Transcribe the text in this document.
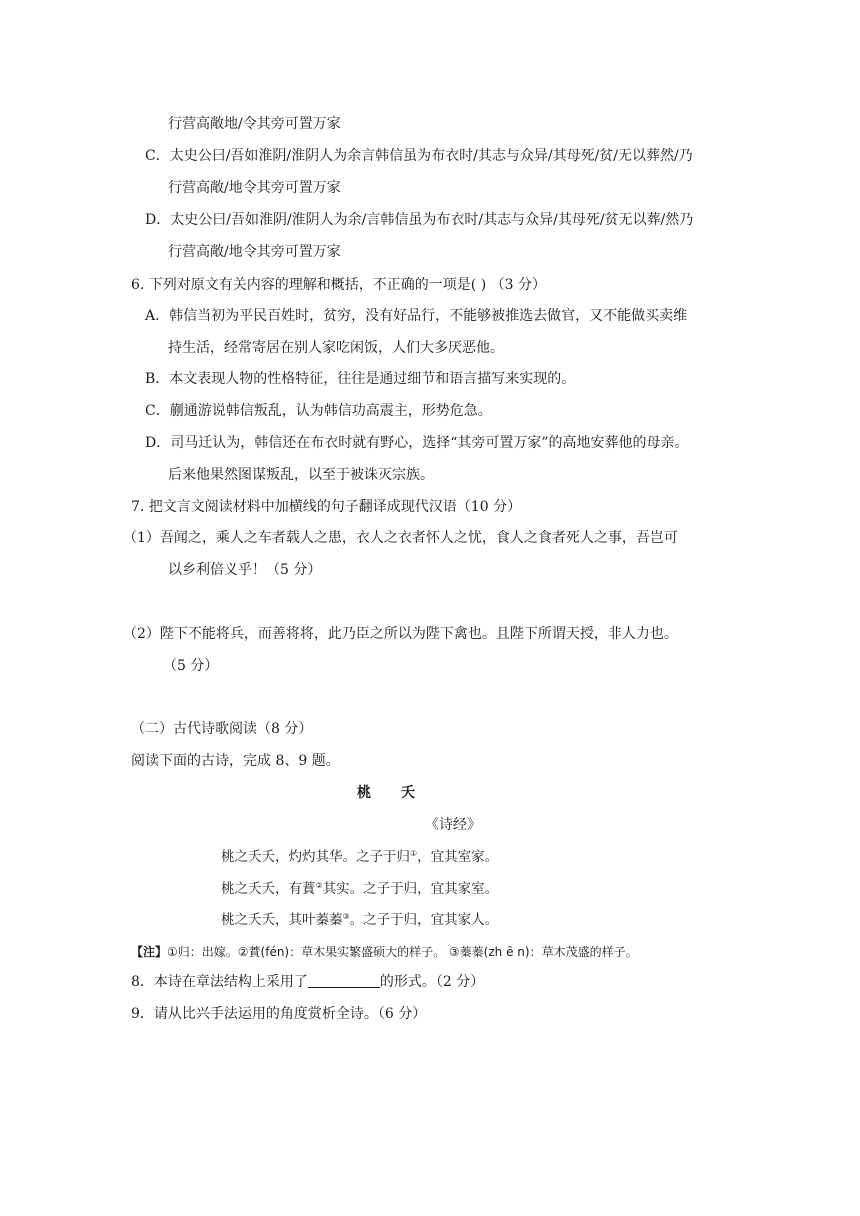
行营高敞地/令其旁可置万家
C．太史公曰/吾如淮阴/淮阴人为余言韩信虽为布衣时/其志与众异/其母死/贫/无以葬然/乃
行营高敞/地令其旁可置万家
D．太史公曰/吾如淮阴/淮阴人为余/言韩信虽为布衣时/其志与众异/其母死/贫无以葬/然乃
行营高敞/地令其旁可置万家
6. 下列对原文有关内容的理解和概括，不正确的一项是( ) （3 分）
A．韩信当初为平民百姓时，贫穷，没有好品行，不能够被推选去做官，又不能做买卖维
持生活，经常寄居在别人家吃闲饭，人们大多厌恶他。
B．本文表现人物的性格特征，往往是通过细节和语言描写来实现的。
C．蒯通游说韩信叛乱，认为韩信功高震主，形势危急。
D．司马迁认为，韩信还在布衣时就有野心，选择“其旁可置万家”的高地安葬他的母亲。
后来他果然图谋叛乱，以至于被诛灭宗族。
7. 把文言文阅读材料中加横线的句子翻译成现代汉语（10 分）
（1）吾闻之，乘人之车者载人之患，衣人之衣者怀人之忧，食人之食者死人之事，吾岂可
以乡利倍义乎！（5 分）
（2）陛下不能将兵，而善将将，此乃臣之所以为陛下禽也。且陛下所谓天授，非人力也。
（5 分）
（二）古代诗歌阅读（8 分）
阅读下面的古诗，完成 8、9 题。
桃 夭
《诗经》
桃之夭夭，灼灼其华。之子于归①，宜其室家。
桃之夭夭，有蕡②其实。之子于归，宜其家室。
桃之夭夭，其叶蓁蓁③。之子于归，宜其家人。
【注】①归：出嫁。②蕡(fén)：草木果实繁盛硕大的样子。 ③蓁蓁(zh ē n)：草木茂盛的样子。
8．本诗在章法结构上采用了	的形式。（2 分）
9．请从比兴手法运用的角度赏析全诗。（6 分）
